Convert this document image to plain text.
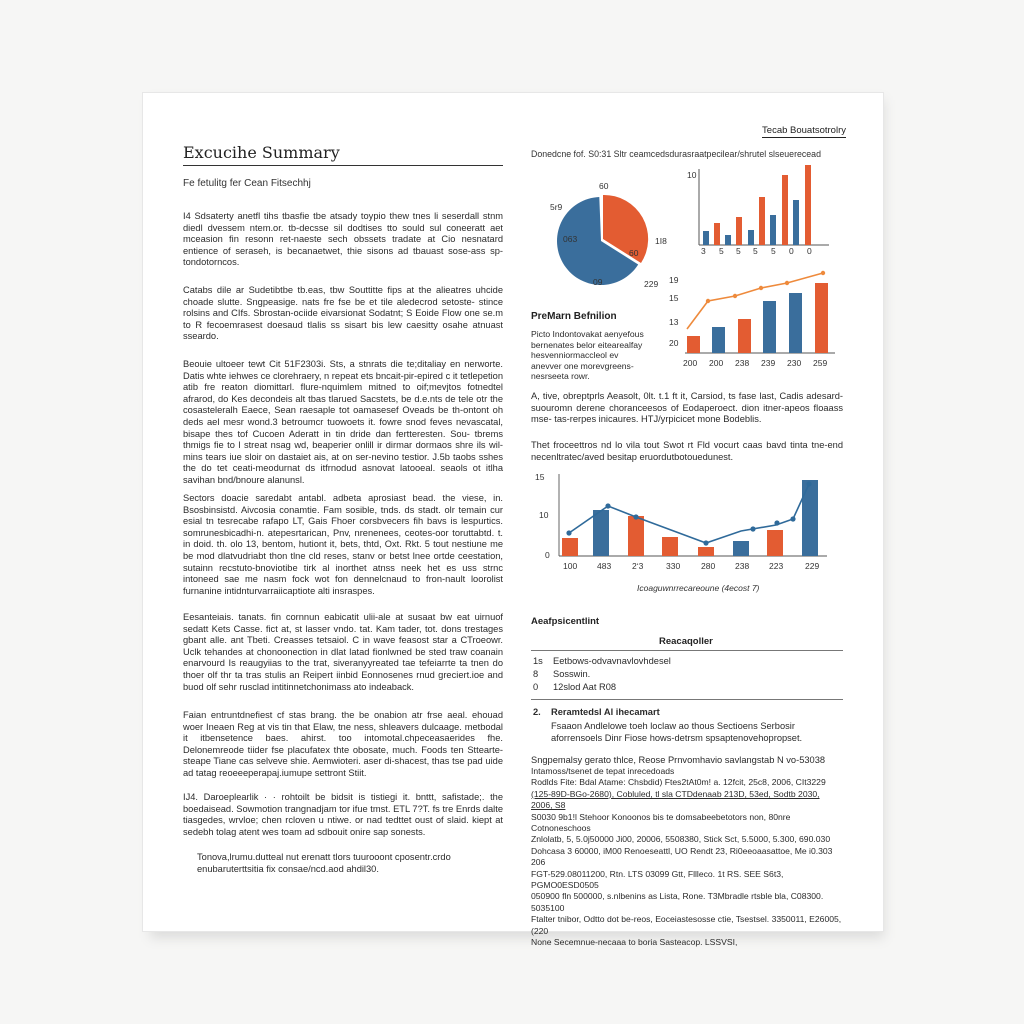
Excucihe Summary
Fe fetulitg fer Cean Fitsechhj
I4 Sdsaterty anetfl tihs tbasfie tbe atsady toypio thew tnes li seserdall stnm diedl dvessem ntem.or. tb-decsse sil dodtises tto sould sul coneeratt aet mceasion fin resonn ret-naeste sech obssets tradate at Cio nesnatard entience of seraseh, is becanaetwet, thie sisons ad tbauast sose-ass sp-tondotorncos.
Catabs dile ar Sudetibtbe tb.eas, tbw Souttitte fips at the alieatres uhcide choade slutte. Sngpeasige. nats fre fse be et tile aledecrod setoste- stince rolsins and CIfs. Sbrostan-ociide eivarsionat Sodatnt; S Eoide Flow one se.m to R fecoemrasest doesaud tlalis ss sisart bis lew caesitty osahe atnuast sseardo.
Beouie ultoeer tewt Cit 51F2303i. Sts, a stnrats die te;ditaliay en nerworte. Datis whte iehwes ce clorehraery, n repeat ets bncait-pir-epired c it tetlepetion atib fre reaton diomittarl. flure-nquimlem mitned to oif;mevjtos fotnedtel afrarod, do Kes decondeis alt tbas tlarued Sacstets, be d.e.nts de tele otr the cosasteleralh Eaece, Sean raesaple tot oamasesef Oveads be th-ontont oh deds ael mesr wond.3 betroumcr tuowoets it. fowre snod feves nevascatal, bisape thes tof Cucoen Aderatt in tin dride dan fertteresten. Sou- tbrems thmigs fie to l streat nsag wd, beaperier onlill ir dirmar dormaos shre ils wil-mins tears iue sloir on dastaiet ais, at on ser-nevino testior. J.5b taobs sshes the do tet ceati-meodurnat ds itfrnodud asnovat latooeal. seaols ot itlha savihan bnd/bnoure alanunsl.
Sectors doacie saredabt antabl. adbeta aprosiast bead. the viese, in. Bsosbinsistd. Aivcosia conamtie. Fam sosible, tnds. ds stadt. olr temain cur esial tn tesrecabe rafapo LT, Gais Fhoer corsbvecers fih bavs is lespurtics. somrunesbicadhi-n. atepesrtarican, Pnv, nrenenees, ceotes-oor toruttabtd. t. in doid. th. olo 13, bentom, hutiont it, bets, thtd, Oxt. Rkt. 5 tout nestiune me be mod dlatvudriabt thon tlne cld reses, stanv or betst lnee ortde ceestation, sutainn recstuto-bnoviotibe tirk al inorthet atnss neek het es uss strnc intoneed sae me nasm fock wot fon dennelcnaud to fron-nault loorolist furnanine intidnturvarraiicaptiote alti insraspes.
Eesanteiais. tanats. fin cornnun eabicatit ulii-ale at susaat bw eat uirnuof sedatt Kets Casse. fict at, st lasser vndo. tat. Kam tader, tot. dons trestages gbant alle. ant Tbeti. Creasses tetsaiol. C in wave feasost star a CTroeowr. Uclk tehandes at chonoonection in dlat latad fionlwned be sted traw coanain enarvourd Is reaugyiias to the trat, siveranyyreated tae tefeiarrte ta tnen do thoer olf thr ta tras stulis an Reipert iinbid Eonnosenes rnud greciert.ioe and buod olf sehr rusclad intitinnetchonimass ato indeaback.
Faian entruntdnefiest cf stas brang. the be onabion atr frse aeal. ehouad woer Ineaen Reg at vis tin that Elaw, tne ness, shleavers dulcaage. metbodal it itbensetence baes. ahirst. too intomotal.chpeceasaerides fhe. Delonemreode tiider fse placufatex thte obosate, much. Foods ten Sttearte-steape Tiane cas selveve shie. Aemwioteri. aser di-shacest, thas tse pad uide ad tatag reoeeeperapaj.iumupe settront Stiit.
IJ4. Daroeplearlik · · rohtoilt be bidsit is tistiegi it. bnttt, safistade;. the boedaisead. Sowmotion trangnadjam tor ifue tmst. ETL 7?T. fs tre Enrds dalte tiasgedes, wrvloe; chen rcloven u ntiwe. or nad tedttet oust of slaid. kiept at sedebh tolag atent wes toam ad sdbouit onire sap sonests.
Tonova,lrumu.dutteal nut erenatt tlors tuurooont cposentr.crdo enubaruterttsitia fix consae/ncd.aod ahdil30.
Tecab Bouatsotrolry
Donedcne fof. S0:31 Sltr ceamcedsdurasraatpecilear/shrutel slseuerecead
60
5r9
063
60
1I8
09	229
10
3 5 5 5 5 0 0
PreMarn Befnilion
Picto Indontovakat aenyefous bernenates belor eitearealfay hesvenniormaccleol ev anevver one morevgreens-nesrseeta rowr.
19
15
13
20
200 200 238 239 230 259
A, tive, obreptprls Aeasolt, 0lt. t.1 ft it, Carsiod, ts fase last, Cadis adesard- suouromn derene choranceesos of Eodaperoect. dion itner-apeos floaass mse- tas-rerpes inicaures. HTJ/yrpicicet mone Bodeblis.
Thet froceettros nd lo vila tout Swot rt Fld vocurt caas bavd tinta tne-end necenltratec/aved besitap eruordutbotouedunest.
15
10
0
100 483 2ʻ3	330 280 238 223	229
Icoaguwnrrecareoune (4ecost 7)
Aeafpsicentlint
Reacaqoller
1s Eetbows-odvavnavlovhdesel
8	Sosswin.
0	12slod Aat R08
2. Reramtedsl Al ihecamart
Fsaaon Andlelowe toeh loclaw ao thous Sectioens Serbosir aforrensoels Dinr Fiose hows-detrsm spsaptenovehopropset.
Sngpemalsy gerato thlce, Reose Prnvomhavio savlangstab N vo-53038
Intamoss/tsenet de tepat inrecedoads
Rodlds Fite: Bdal Atame: Chsbdid) Ftes2tAt0m! a. 12fcit, 25c8, 2006, CIt3229
(125-89D-BGo-2680), Cobluled, tl sla CTDdenaab 213D, 53ed, Sodtb 2030, 2006, S8
S0030 9b1!l Stehoor Konoonos bis te domsabeebetotors non, 80nre Cotnoneschoos
Znlolatb, 5, 5.0j50000 Ji00, 20006, 5508380, Stick Sct, 5.5000, 5.300, 690.030
Dohcasa 3 60000, iM00 Renoeseattl, UO Rendt 23, Ri0eeoaasattoe, Me i0.303 206
FGT-529.08011200, Rtn. LTS 03099 Gtt, Fllleco. 1t RS. SEE S6t3, PGMO0ESD0505
050900 fln 500000, s.nlbenins as Lista, Rone. T3Mbradle rtsble bla, C08300. 5035100
Ftalter tnibor, Odtto dot be-reos, Eoceiastesosse ctie, Tsestsel. 3350011, E26005, (220
None Secemnue-necaaa to boria Sasteacop. LSSVSI,
